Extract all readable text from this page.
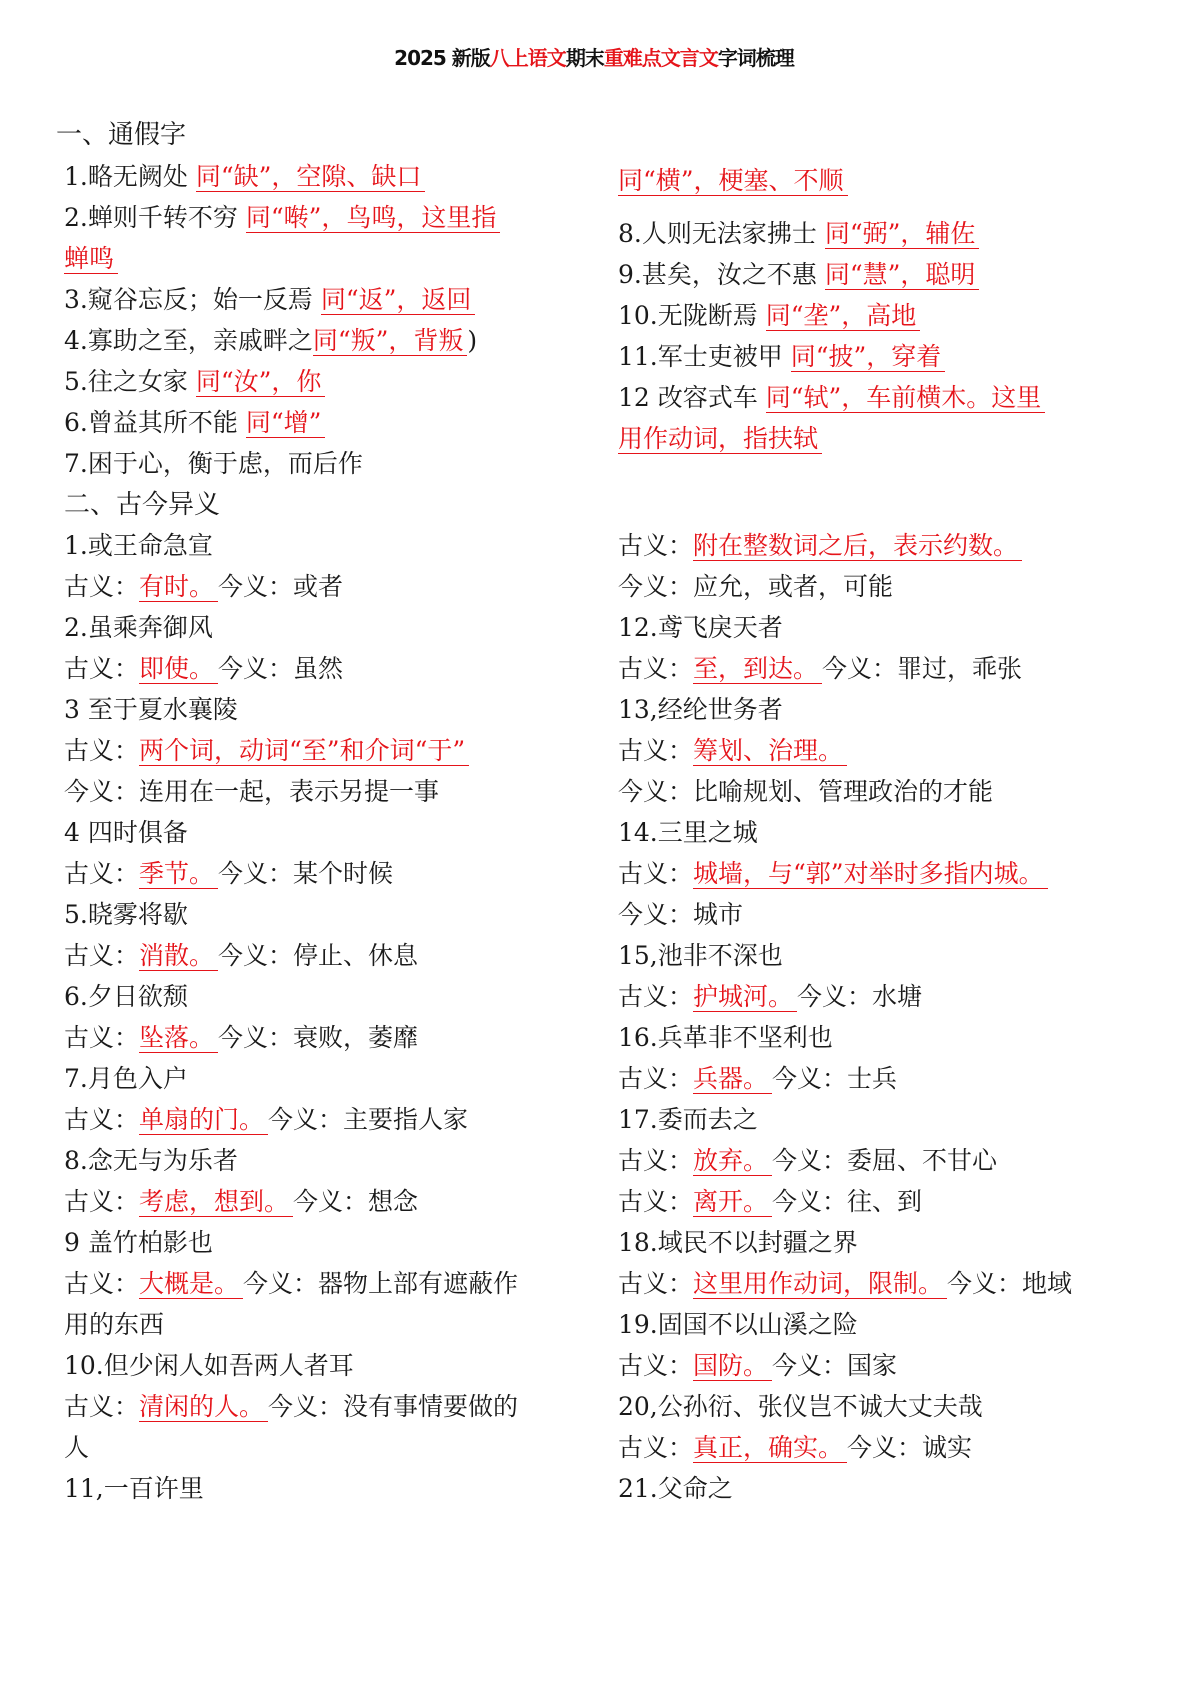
2025 新版八上语文期末重难点文言文字词梳理
一、通假字
1.略无阙处 同“缺”，空隙、缺口
2.蝉则千转不穷 同“啭”，鸟鸣，这里指
蝉鸣
3.窥谷忘反；始一反焉 同“返”，返回
4.寡助之至，亲戚畔之同“叛”，背叛 )
5.往之女家 同“汝”，你
6.曾益其所不能 同“增”
7.困于心，衡于虑，而后作
二、古今异义
1.或王命急宣
古义：有时。 今义：或者
2.虽乘奔御风
古义：即使。 今义：虽然
3 至于夏水襄陵
古义：两个词，动词“至”和介词“于”
今义：连用在一起，表示另提一事
4 四时俱备
古义：季节。 今义：某个时候
5.晓雾将歇
古义：消散。 今义：停止、休息
6.夕日欲颓
古义：坠落。 今义：衰败，萎靡
7.月色入户
古义：单扇的门。 今义：主要指人家
8.念无与为乐者
古义：考虑，想到。 今义：想念
9 盖竹柏影也
古义：大概是。 今义：器物上部有遮蔽作
用的东西
10.但少闲人如吾两人者耳
古义：清闲的人。 今义：没有事情要做的
人
11,一百许里
同“横”，梗塞、不顺
8.人则无法家拂士 同“弼”，辅佐
9.甚矣，汝之不惠 同“慧”，聪明
10.无陇断焉 同“垄”，高地
11.军士吏被甲 同“披”，穿着
12 改容式车 同“轼”，车前横木。这里
用作动词，指扶轼
古义：附在整数词之后，表示约数。
今义：应允，或者，可能
12.鸢飞戾天者
古义：至，到达。 今义：罪过，乖张
13,经纶世务者
古义：筹划、治理。
今义：比喻规划、管理政治的才能
14.三里之城
古义：城墙，与“郭”对举时多指内城。
今义：城市
15,池非不深也
古义：护城河。 今义：水塘
16.兵革非不坚利也
古义：兵器。 今义：士兵
17.委而去之
古义：放弃。 今义：委屈、不甘心
古义：离开。 今义：往、到
18.域民不以封疆之界
古义：这里用作动词，限制。 今义：地域
19.固国不以山溪之险
古义：国防。 今义：国家
20,公孙衍、张仪岂不诚大丈夫哉
古义：真正，确实。 今义：诚实
21.父命之
